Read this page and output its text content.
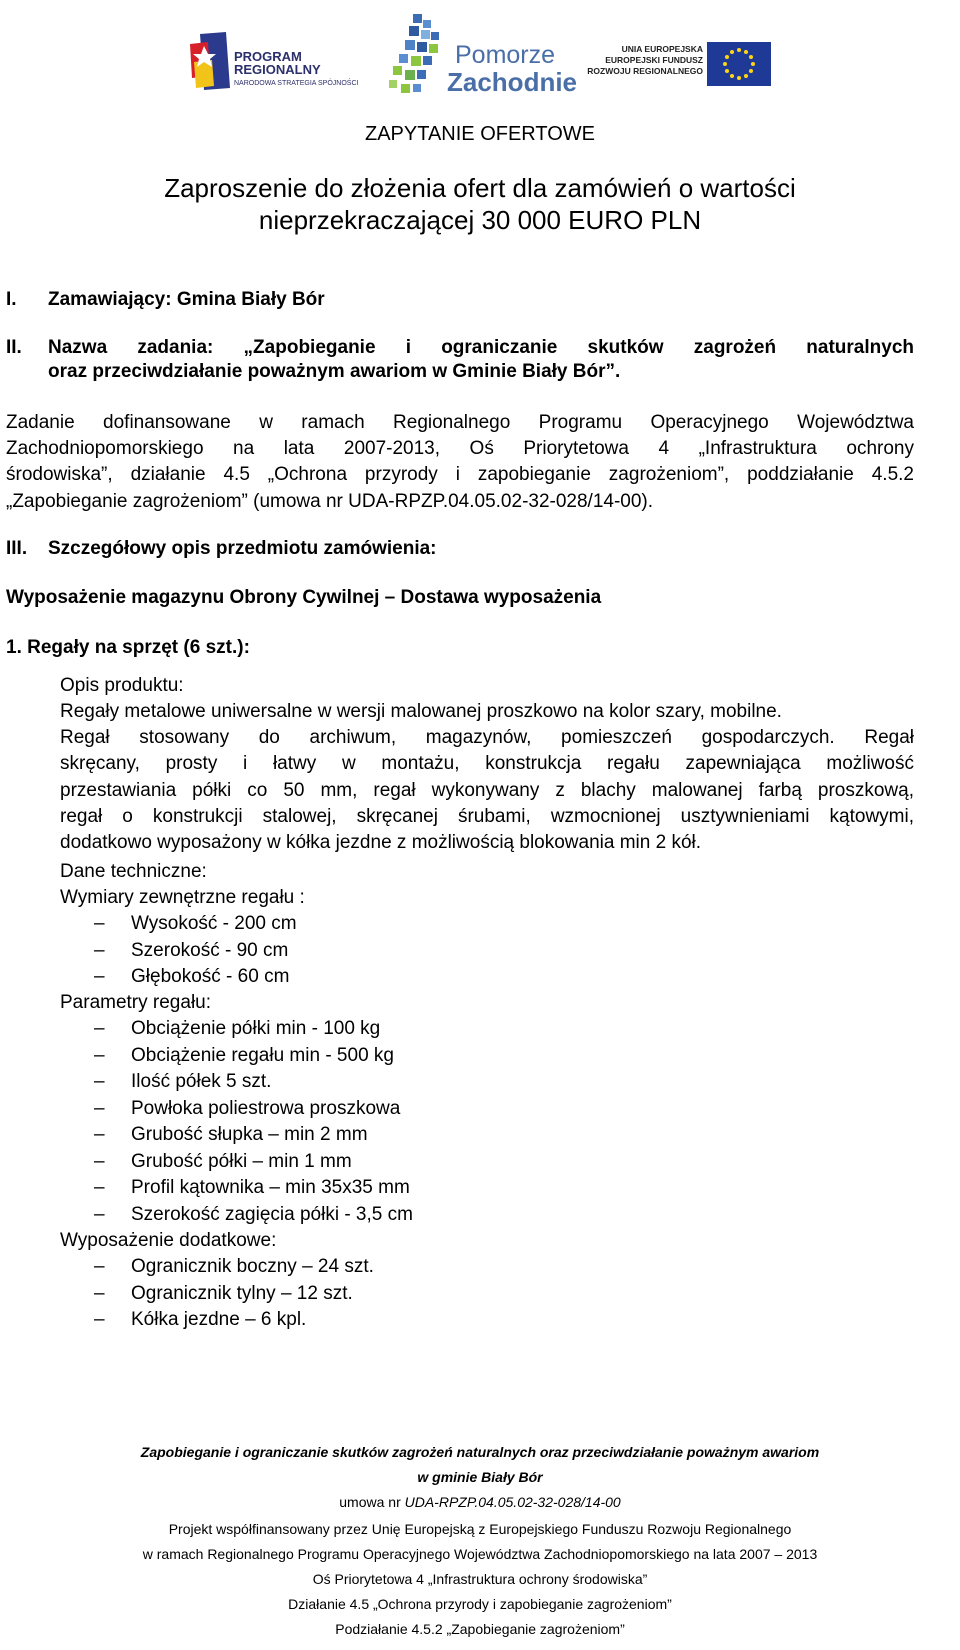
PROGRAM
REGIONALNY
NARODOWA STRATEGIA SPÓJNOŚCI
Pomorze
Zachodnie
UNIA EUROPEJSKA
EUROPEJSKI FUNDUSZ
ROZWOJU REGIONALNEGO
ZAPYTANIE OFERTOWE
Zaproszenie do złożenia ofert dla zamówień o wartości
nieprzekraczającej 30 000 EURO PLN
I. Zamawiający: Gmina Biały Bór
II.	Nazwa zadania: „Zapobieganie i ograniczanie skutków zagrożeń naturalnych
oraz przeciwdziałanie poważnym awariom w Gminie Biały Bór”.
Zadanie dofinansowane w ramach Regionalnego Programu Operacyjnego Województwa
Zachodniopomorskiego na lata 2007-2013, Oś Priorytetowa 4 „Infrastruktura ochrony
środowiska”, działanie 4.5 „Ochrona przyrody i zapobieganie zagrożeniom”, poddziałanie 4.5.2
„Zapobieganie zagrożeniom” (umowa nr UDA-RPZP.04.05.02-32-028/14-00).
III. Szczegółowy opis przedmiotu zamówienia:
Wyposażenie magazynu Obrony Cywilnej – Dostawa wyposażenia
1. Regały na sprzęt (6 szt.):
Opis produktu:
Regały metalowe uniwersalne w wersji malowanej proszkowo na kolor szary, mobilne.
Regał stosowany do archiwum, magazynów, pomieszczeń gospodarczych. Regał
skręcany, prosty i łatwy w montażu, konstrukcja regału zapewniająca możliwość
przestawiania półki co 50 mm, regał wykonywany z blachy malowanej farbą proszkową,
regał o konstrukcji stalowej, skręcanej śrubami, wzmocnionej usztywnieniami kątowymi,
dodatkowo wyposażony w kółka jezdne z możliwością blokowania min 2 kół.
Dane techniczne:
Wymiary zewnętrzne regału :
–	Wysokość - 200 cm
–	Szerokość - 90 cm
–	Głębokość - 60 cm
Parametry regału:
–	Obciążenie półki min - 100 kg
–	Obciążenie regału min - 500 kg
–	Ilość półek 5 szt.
–	Powłoka poliestrowa proszkowa
–	Grubość słupka – min 2 mm
–	Grubość półki – min 1 mm
–	Profil kątownika – min 35x35 mm
–	Szerokość zagięcia półki - 3,5 cm
Wyposażenie dodatkowe:
–	Ogranicznik boczny – 24 szt.
–	Ogranicznik tylny – 12 szt.
–	Kółka jezdne – 6 kpl.
Zapobieganie i ograniczanie skutków zagrożeń naturalnych oraz przeciwdziałanie poważnym awariom
w gminie Biały Bór
umowa nr UDA-RPZP.04.05.02-32-028/14-00
Projekt współfinansowany przez Unię Europejską z Europejskiego Funduszu Rozwoju Regionalnego
w ramach Regionalnego Programu Operacyjnego Województwa Zachodniopomorskiego na lata 2007 – 2013
Oś Priorytetowa 4 „Infrastruktura ochrony środowiska”
Działanie 4.5 „Ochrona przyrody i zapobieganie zagrożeniom”
Podziałanie 4.5.2 „Zapobieganie zagrożeniom”
